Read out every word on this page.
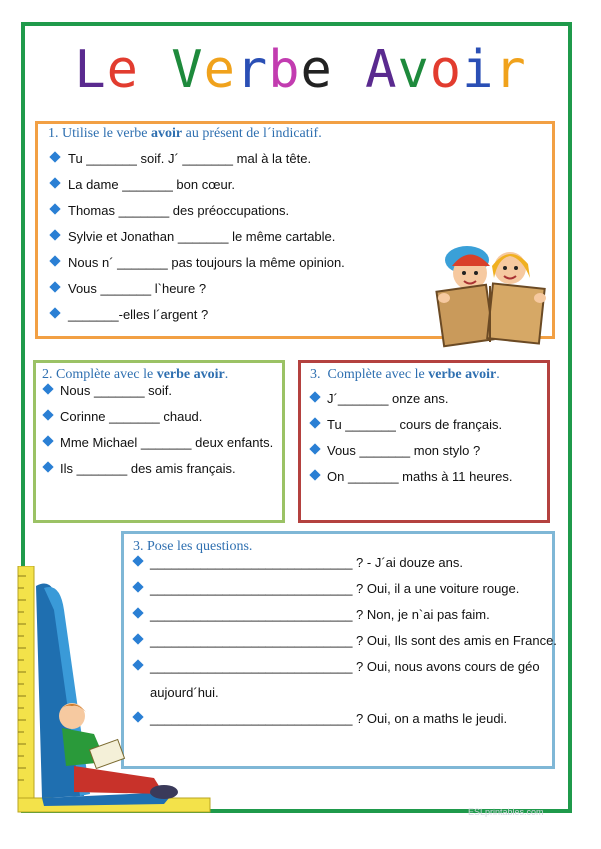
Le Verbe Avoir
1. Utilise le verbe avoir au présent de l´indicatif.
Tu _______ soif. J´ _______ mal à la tête.
La dame _______ bon cœur.
Thomas _______ des préoccupations.
Sylvie et Jonathan _______ le même cartable.
Nous n´ _______ pas toujours la même opinion.
Vous _______ l`heure ?
_______-elles l´argent ?
2. Complète avec le verbe avoir.
Nous _______ soif.
Corinne _______ chaud.
Mme Michael _______ deux enfants.
Ils _______ des amis français.
3. Complète avec le verbe avoir.
J´_______ onze ans.
Tu _______ cours de français.
Vous _______ mon stylo ?
On _______ maths à 11 heures.
3. Pose les questions.
____________________________ ? - J´ai douze ans.
____________________________ ? Oui, il a une voiture rouge.
____________________________ ? Non, je n`ai pas faim.
____________________________ ? Oui, Ils sont des amis en France.
____________________________ ? Oui, nous avons cours de géo
aujourd´hui.
____________________________ ? Oui, on a maths le jeudi.
ESLprintables.com
